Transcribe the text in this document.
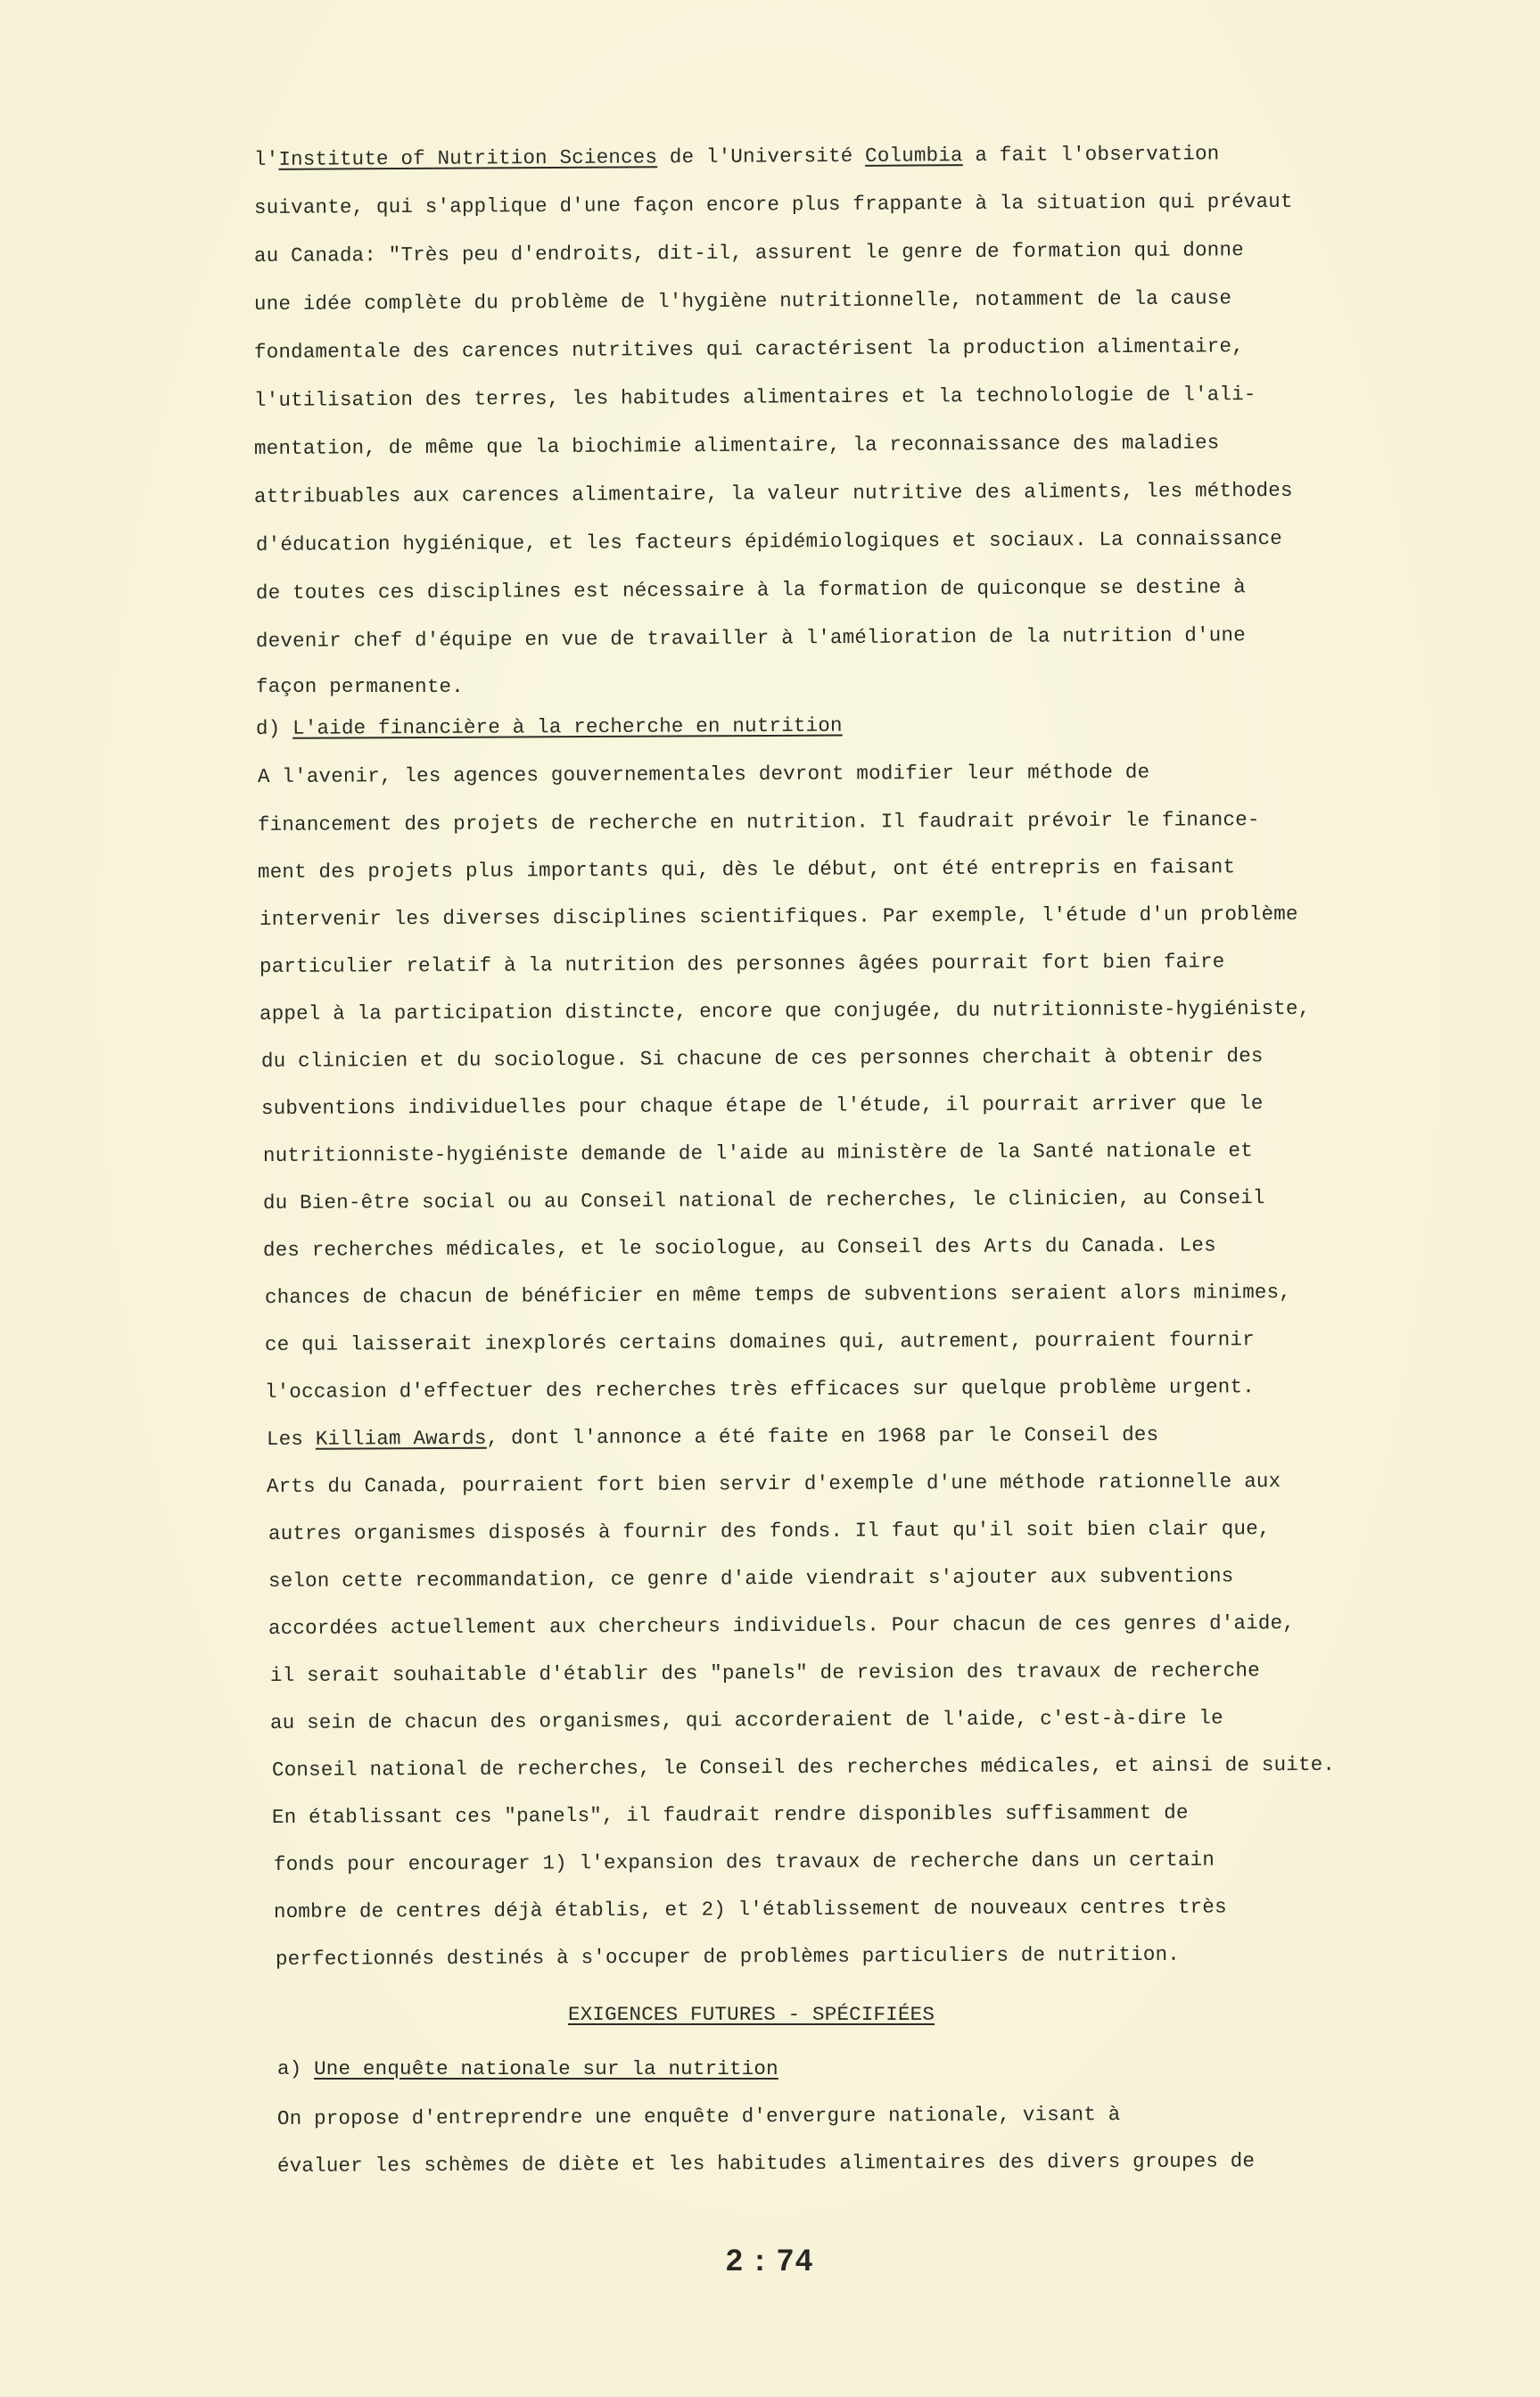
l'Institute of Nutrition Sciences de l'Université Columbia a fait l'observation
suivante, qui s'applique d'une façon encore plus frappante à la situation qui prévaut
au Canada: "Très peu d'endroits, dit-il, assurent le genre de formation qui donne
une idée complète du problème de l'hygiène nutritionnelle, notamment de la cause
fondamentale des carences nutritives qui caractérisent la production alimentaire,
l'utilisation des terres, les habitudes alimentaires et la technolologie de l'ali-
mentation, de même que la biochimie alimentaire, la reconnaissance des maladies
attribuables aux carences alimentaire, la valeur nutritive des aliments, les méthodes
d'éducation hygiénique, et les facteurs épidémiologiques et sociaux. La connaissance
de toutes ces disciplines est nécessaire à la formation de quiconque se destine à
devenir chef d'équipe en vue de travailler à l'amélioration de la nutrition d'une
façon permanente.
d) L'aide financière à la recherche en nutrition
A l'avenir, les agences gouvernementales devront modifier leur méthode de
financement des projets de recherche en nutrition. Il faudrait prévoir le finance-
ment des projets plus importants qui, dès le début, ont été entrepris en faisant
intervenir les diverses disciplines scientifiques. Par exemple, l'étude d'un problème
particulier relatif à la nutrition des personnes âgées pourrait fort bien faire
appel à la participation distincte, encore que conjugée, du nutritionniste-hygiéniste,
du clinicien et du sociologue. Si chacune de ces personnes cherchait à obtenir des
subventions individuelles pour chaque étape de l'étude, il pourrait arriver que le
nutritionniste-hygiéniste demande de l'aide au ministère de la Santé nationale et
du Bien-être social ou au Conseil national de recherches, le clinicien, au Conseil
des recherches médicales, et le sociologue, au Conseil des Arts du Canada. Les
chances de chacun de bénéficier en même temps de subventions seraient alors minimes,
ce qui laisserait inexplorés certains domaines qui, autrement, pourraient fournir
l'occasion d'effectuer des recherches très efficaces sur quelque problème urgent.
Les Killiam Awards, dont l'annonce a été faite en 1968 par le Conseil des
Arts du Canada, pourraient fort bien servir d'exemple d'une méthode rationnelle aux
autres organismes disposés à fournir des fonds. Il faut qu'il soit bien clair que,
selon cette recommandation, ce genre d'aide viendrait s'ajouter aux subventions
accordées actuellement aux chercheurs individuels. Pour chacun de ces genres d'aide,
il serait souhaitable d'établir des "panels" de revision des travaux de recherche
au sein de chacun des organismes, qui accorderaient de l'aide, c'est-à-dire le
Conseil national de recherches, le Conseil des recherches médicales, et ainsi de suite.
En établissant ces "panels", il faudrait rendre disponibles suffisamment de
fonds pour encourager 1) l'expansion des travaux de recherche dans un certain
nombre de centres déjà établis, et 2) l'établissement de nouveaux centres très
perfectionnés destinés à s'occuper de problèmes particuliers de nutrition.
EXIGENCES FUTURES - SPÉCIFIÉES
a) Une enquête nationale sur la nutrition
On propose d'entreprendre une enquête d'envergure nationale, visant à
évaluer les schèmes de diète et les habitudes alimentaires des divers groupes de
2 : 74
